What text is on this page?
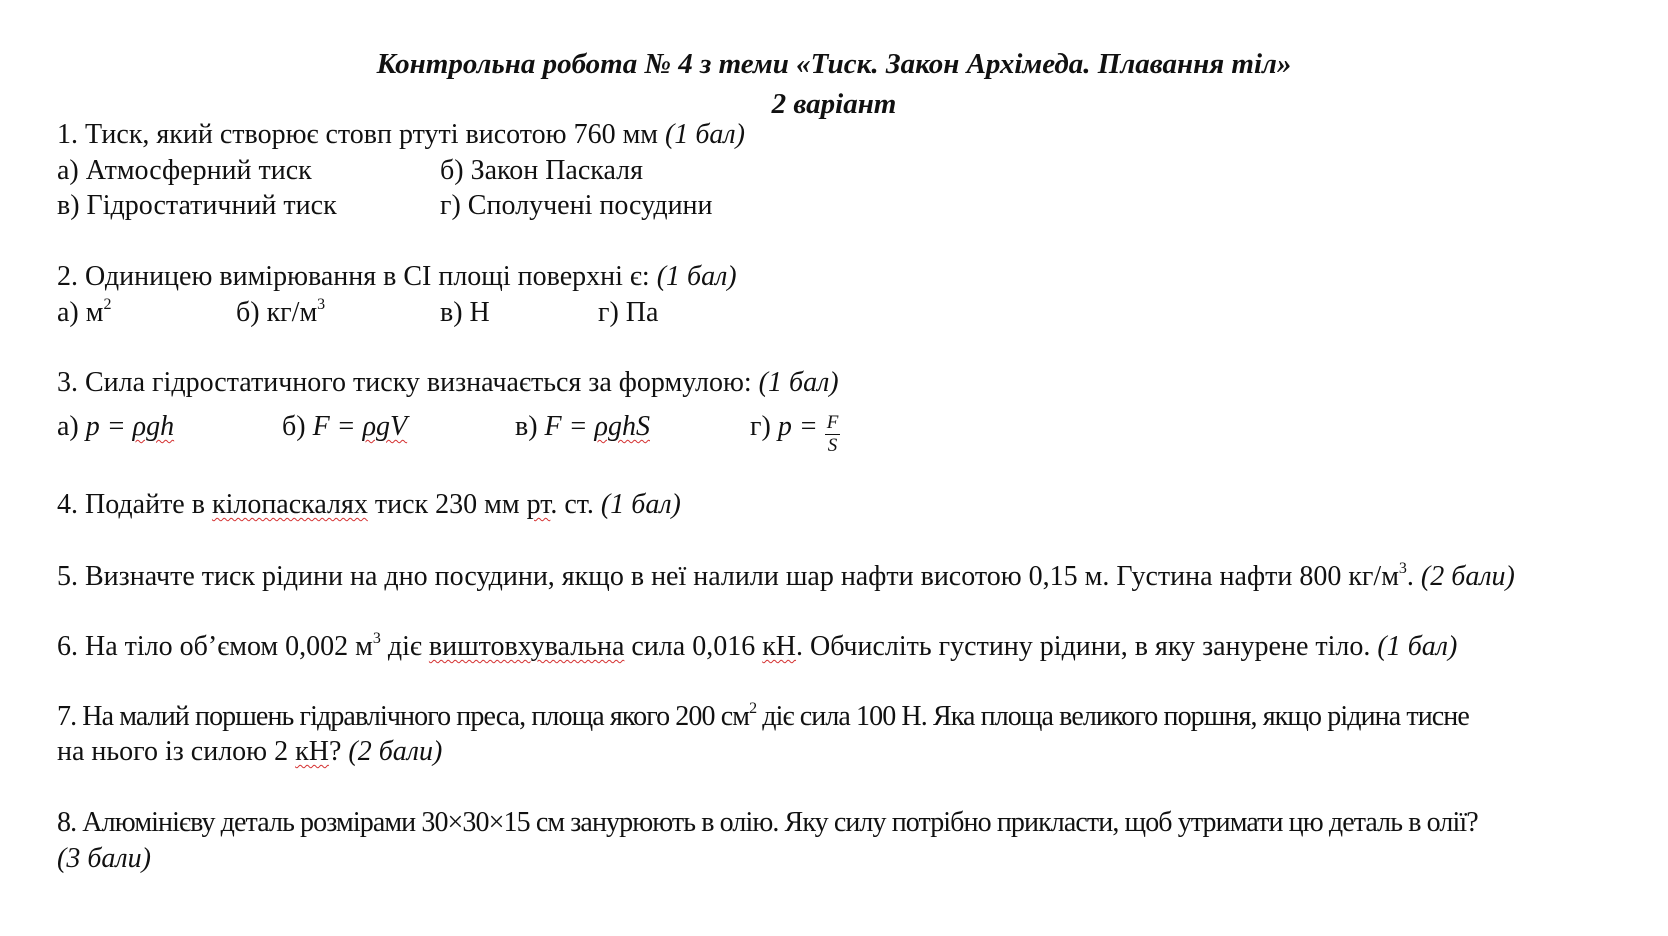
Контрольна робота № 4 з теми «Тиск. Закон Архімеда. Плавання тіл»
2 варіант
1. Тиск, який створює стовп ртуті висотою 760 мм (1 бал)
а) Атмосферний тиск	б) Закон Паскаля
в) Гідростатичний тиск	г) Сполучені посудини
2. Одиницею вимірювання в СІ площі поверхні є: (1 бал)
а) $м^2$	б) $кг/м^3$	в) Н	г) Па
3. Сила гідростатичного тиску визначається за формулою: (1 бал)
а) p = ρgh	б) F = ρgV	в) F = ρghS	г) $p = \frac{F}{S}$
4. Подайте в кілопаскалях тиск 230 мм рт. ст. (1 бал)
5. Визначте тиск рідини на дно посудини, якщо в неї налили шар нафти висотою 0,15 м. Густина нафти 800 $кг/м^3$. (2 бали)
6. На тіло об’ємом 0,002 $м^3$ діє виштовхувальна сила 0,016 кН. Обчисліть густину рідини, в яку занурене тіло. (1 бал)
7. На малий поршень гідравлічного преса, площа якого 200 $см^2$ діє сила 100 Н. Яка площа великого поршня, якщо рідина тисне
на нього із силою 2 кН? (2 бали)
8. Алюмінієву деталь розмірами 30×30×15 см занурюють в олію. Яку силу потрібно прикласти, щоб утримати цю деталь в олії?
(3 бали)
